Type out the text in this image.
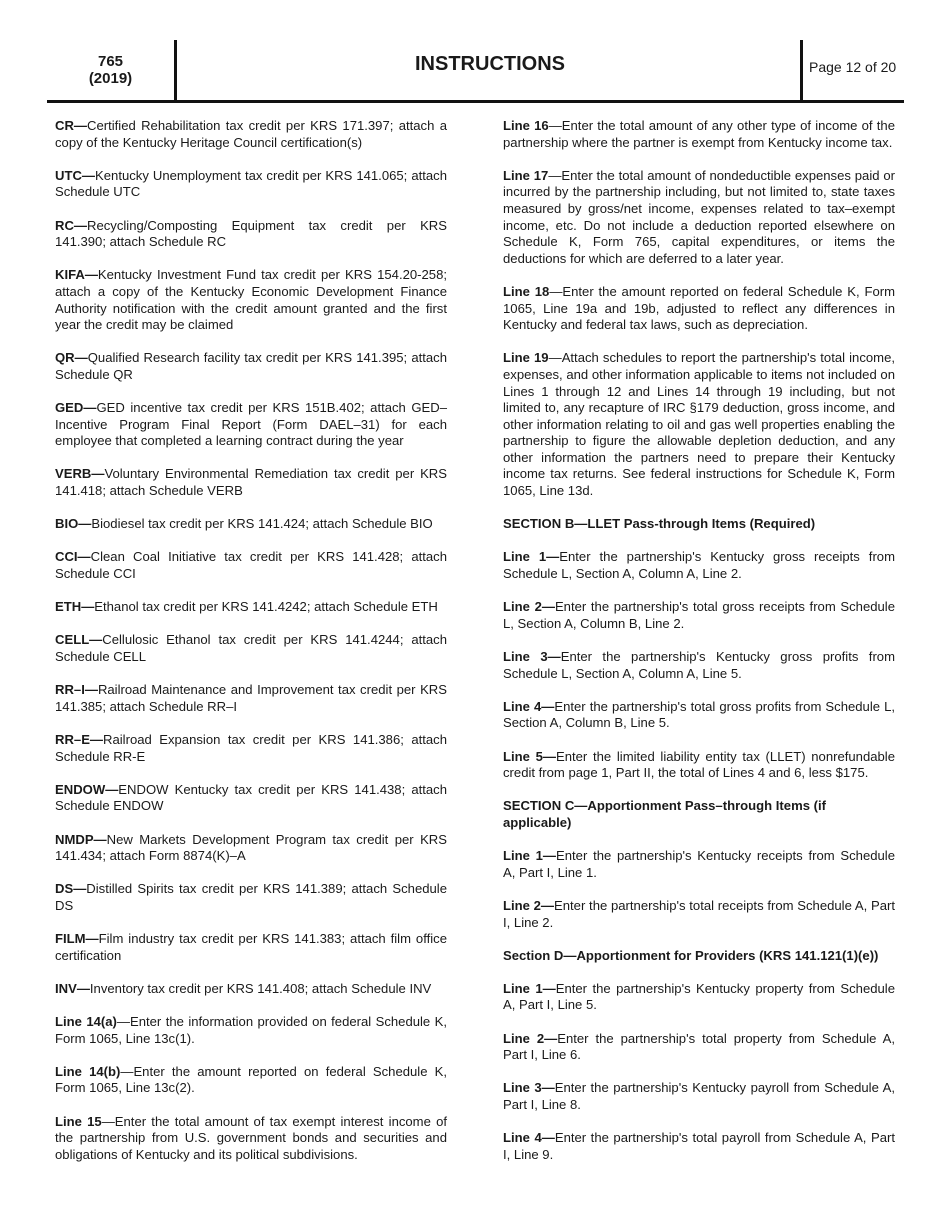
765
(2019)
INSTRUCTIONS	Page 12 of 20

CR—Certified Rehabilitation tax credit per KRS 171.397; attach a copy of the Kentucky Heritage Council certification(s)

UTC—Kentucky Unemployment tax credit per KRS 141.065; attach Schedule UTC

RC—Recycling/Composting Equipment tax credit per KRS 141.390; attach Schedule RC

KIFA—Kentucky Investment Fund tax credit per KRS 154.20-258; attach a copy of the Kentucky Economic Development Finance Authority notification with the credit amount granted and the first year the credit may be claimed

QR—Qualified Research facility tax credit per KRS 141.395; attach Schedule QR

GED—GED incentive tax credit per KRS 151B.402; attach GED–Incentive Program Final Report (Form DAEL–31) for each employee that completed a learning contract during the year

VERB—Voluntary Environmental Remediation tax credit per KRS 141.418; attach Schedule VERB

BIO—Biodiesel tax credit per KRS 141.424; attach Schedule BIO

CCI—Clean Coal Initiative tax credit per KRS 141.428; attach Schedule CCI

ETH—Ethanol tax credit per KRS 141.4242; attach Schedule ETH

CELL—Cellulosic Ethanol tax credit per KRS 141.4244; attach Schedule CELL

RR–I—Railroad Maintenance and Improvement tax credit per KRS 141.385; attach Schedule RR–I

RR–E—Railroad Expansion tax credit per KRS 141.386; attach Schedule RR-E

ENDOW—ENDOW Kentucky tax credit per KRS 141.438; attach Schedule ENDOW

NMDP—New Markets Development Program tax credit per KRS 141.434; attach Form 8874(K)–A

DS—Distilled Spirits tax credit per KRS 141.389; attach Schedule DS

FILM—Film industry tax credit per KRS 141.383; attach film office certification

INV—Inventory tax credit per KRS 141.408; attach Schedule INV

Line 14(a)—Enter the information provided on federal Schedule K, Form 1065, Line 13c(1).

Line 14(b)—Enter the amount reported on federal Schedule K, Form 1065, Line 13c(2).

Line 15—Enter the total amount of tax exempt interest income of the partnership from U.S. government bonds and securities and obligations of Kentucky and its political subdivisions.

Line 16—Enter the total amount of any other type of income of the partnership where the partner is exempt from Kentucky income tax.

Line 17—Enter the total amount of nondeductible expenses paid or incurred by the partnership including, but not limited to, state taxes measured by gross/net income, expenses related to tax–exempt income, etc. Do not include a deduction reported elsewhere on Schedule K, Form 765, capital expenditures, or items the deductions for which are deferred to a later year.

Line 18—Enter the amount reported on federal Schedule K, Form 1065, Line 19a and 19b, adjusted to reflect any differences in Kentucky and federal tax laws, such as depreciation.

Line 19—Attach schedules to report the partnership's total income, expenses, and other information applicable to items not included on Lines 1 through 12 and Lines 14 through 19 including, but not limited to, any recapture of IRC §179 deduction, gross income, and other information relating to oil and gas well properties enabling the partnership to figure the allowable depletion deduction, and any other information the partners need to prepare their Kentucky income tax returns. See federal instructions for Schedule K, Form 1065, Line 13d.

SECTION B—LLET Pass-through Items (Required)

Line 1—Enter the partnership's Kentucky gross receipts from Schedule L, Section A, Column A, Line 2.

Line 2—Enter the partnership's total gross receipts from Schedule L, Section A, Column B, Line 2.

Line 3—Enter the partnership's Kentucky gross profits from Schedule L, Section A, Column A, Line 5.

Line 4—Enter the partnership's total gross profits from Schedule L, Section A, Column B, Line 5.

Line 5—Enter the limited liability entity tax (LLET) nonrefundable credit from page 1, Part II, the total of Lines 4 and 6, less $175.

SECTION C—Apportionment Pass–through Items (if applicable)

Line 1—Enter the partnership's Kentucky receipts from Schedule A, Part I, Line 1.

Line 2—Enter the partnership's total receipts from Schedule A, Part I, Line 2.

Section D—Apportionment for Providers (KRS 141.121(1)(e))

Line 1—Enter the partnership's Kentucky property from Schedule A, Part I, Line 5.

Line 2—Enter the partnership's total property from Schedule A, Part I, Line 6.

Line 3—Enter the partnership's Kentucky payroll from Schedule A, Part I, Line 8.

Line 4—Enter the partnership's total payroll from Schedule A, Part I, Line 9.
